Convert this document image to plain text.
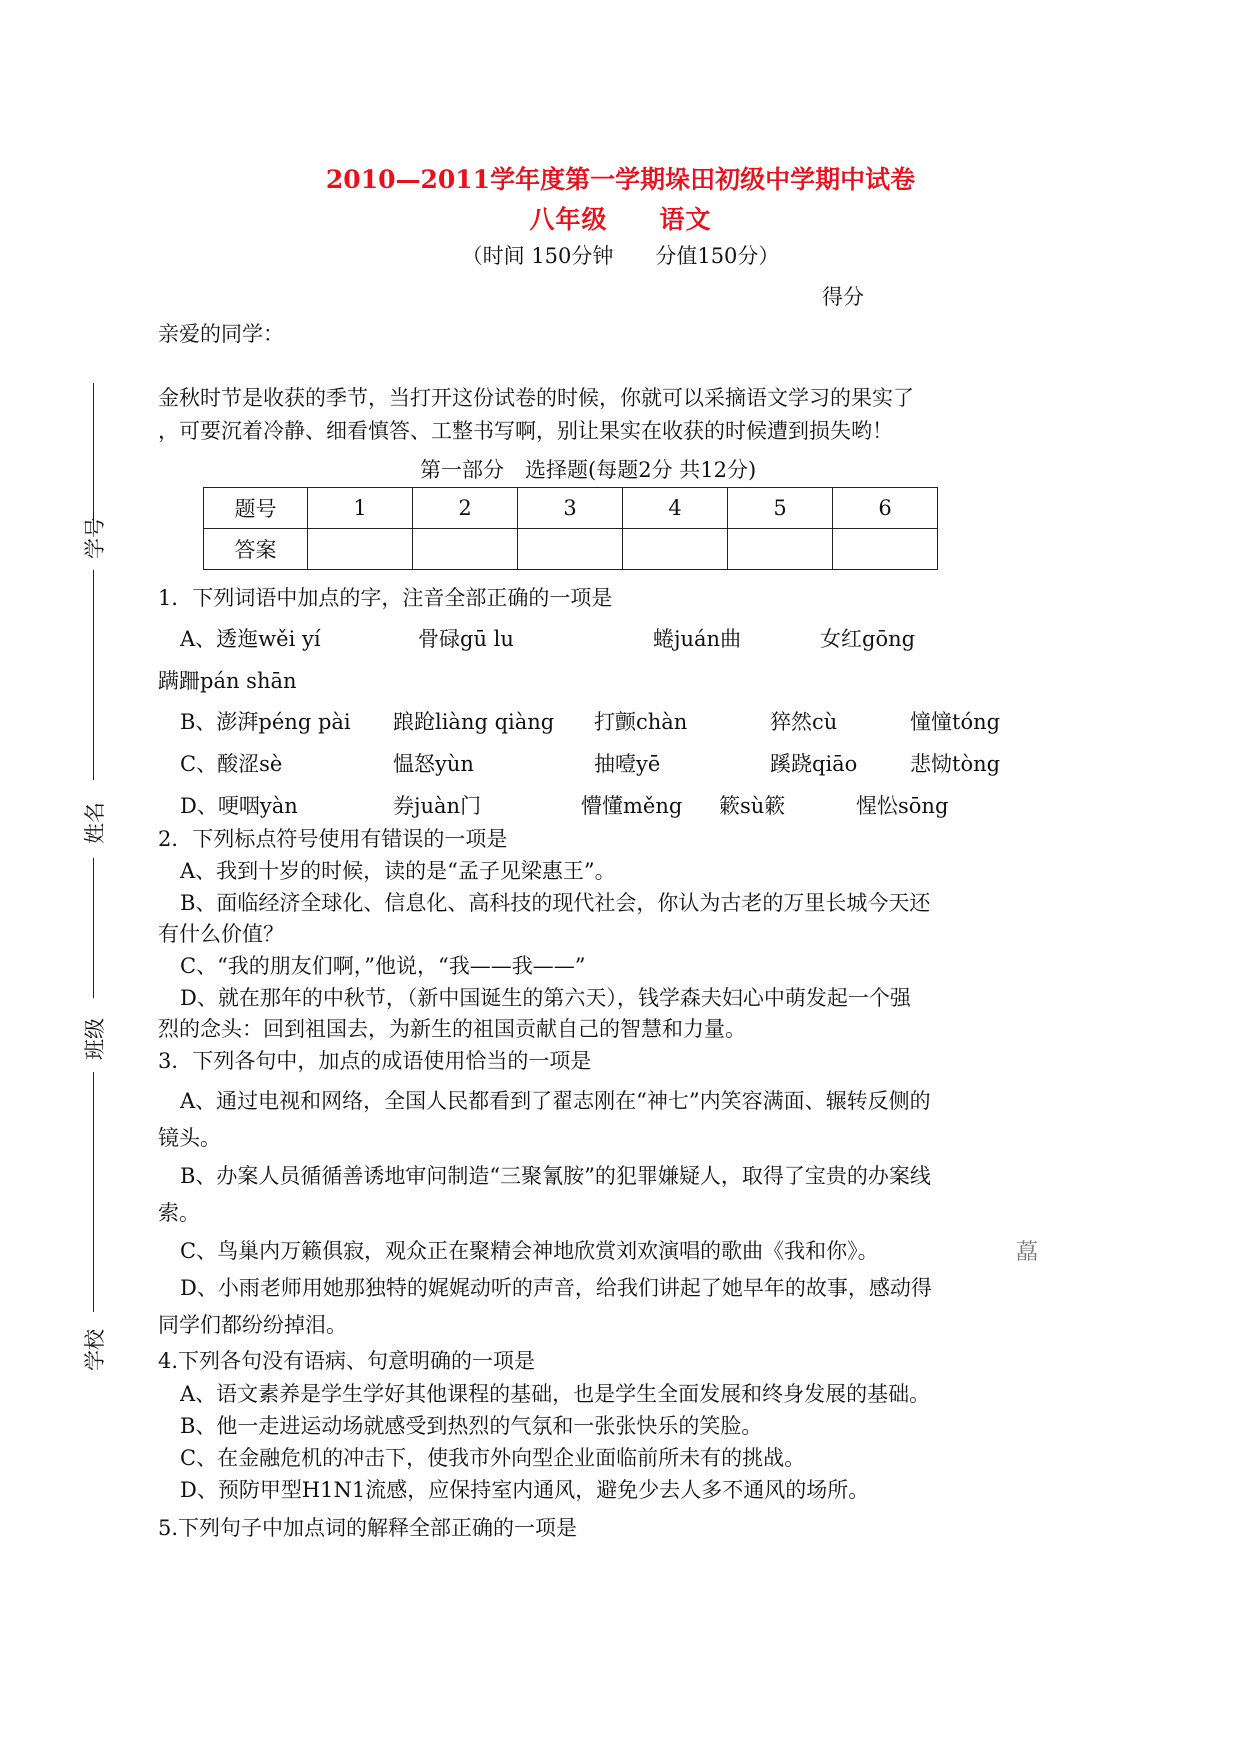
2010—2011学年度第一学期垛田初级中学期中试卷
八年级　　语文
（时间 150分钟　　分值150分）
得分
学号
姓名
班级
学校
亲爱的同学：
金秋时节是收获的季节，当打开这份试卷的时候，你就可以采摘语文学习的果实了
，可要沉着冷静、细看慎答、工整书写啊，别让果实在收获的时候遭到损失哟！
第一部分　选择题(每题2分 共12分)
题号	1	2	3	4	5	6
答案						
1．下列词语中加点的字，注音全部正确的一项是
A、透迤wěi yí	骨碌gū lu	蜷juán曲	女红gōng
蹒跚pán shān
B、澎湃péng pài 踉跄liàng qiàng 打颤chàn	猝然cù	憧憧tóng
C、酸涩sè	愠怒yùn	抽噎yē	蹊跷qiāo	悲恸tòng
D、哽咽yàn	券juàn门	懵懂měng 簌sù簌	惺忪sōng
2．下列标点符号使用有错误的一项是
A、我到十岁的时候，读的是“孟子见梁惠王”。
B、面临经济全球化、信息化、高科技的现代社会，你认为古老的万里长城今天还
有什么价值？
C、“我的朋友们啊，”他说，“我——我——”
D、就在那年的中秋节，（新中国诞生的第六天），钱学森夫妇心中萌发起一个强
烈的念头：回到祖国去，为新生的祖国贡献自己的智慧和力量。
3．下列各句中，加点的成语使用恰当的一项是
A、通过电视和网络，全国人民都看到了翟志刚在“神七”内笑容满面、辗转反侧的
镜头。
B、办案人员循循善诱地审问制造“三聚氰胺”的犯罪嫌疑人，取得了宝贵的办案线
索。
C、鸟巢内万籁俱寂，观众正在聚精会神地欣赏刘欢演唱的歌曲《我和你》。	藠
D、小雨老师用她那独特的娓娓动听的声音，给我们讲起了她早年的故事，感动得
同学们都纷纷掉泪。
4.下列各句没有语病、句意明确的一项是
A、语文素养是学生学好其他课程的基础，也是学生全面发展和终身发展的基础。
B、他一走进运动场就感受到热烈的气氛和一张张快乐的笑脸。
C、在金融危机的冲击下，使我市外向型企业面临前所未有的挑战。
D、预防甲型H1N1流感，应保持室内通风，避免少去人多不通风的场所。
5.下列句子中加点词的解释全部正确的一项是
